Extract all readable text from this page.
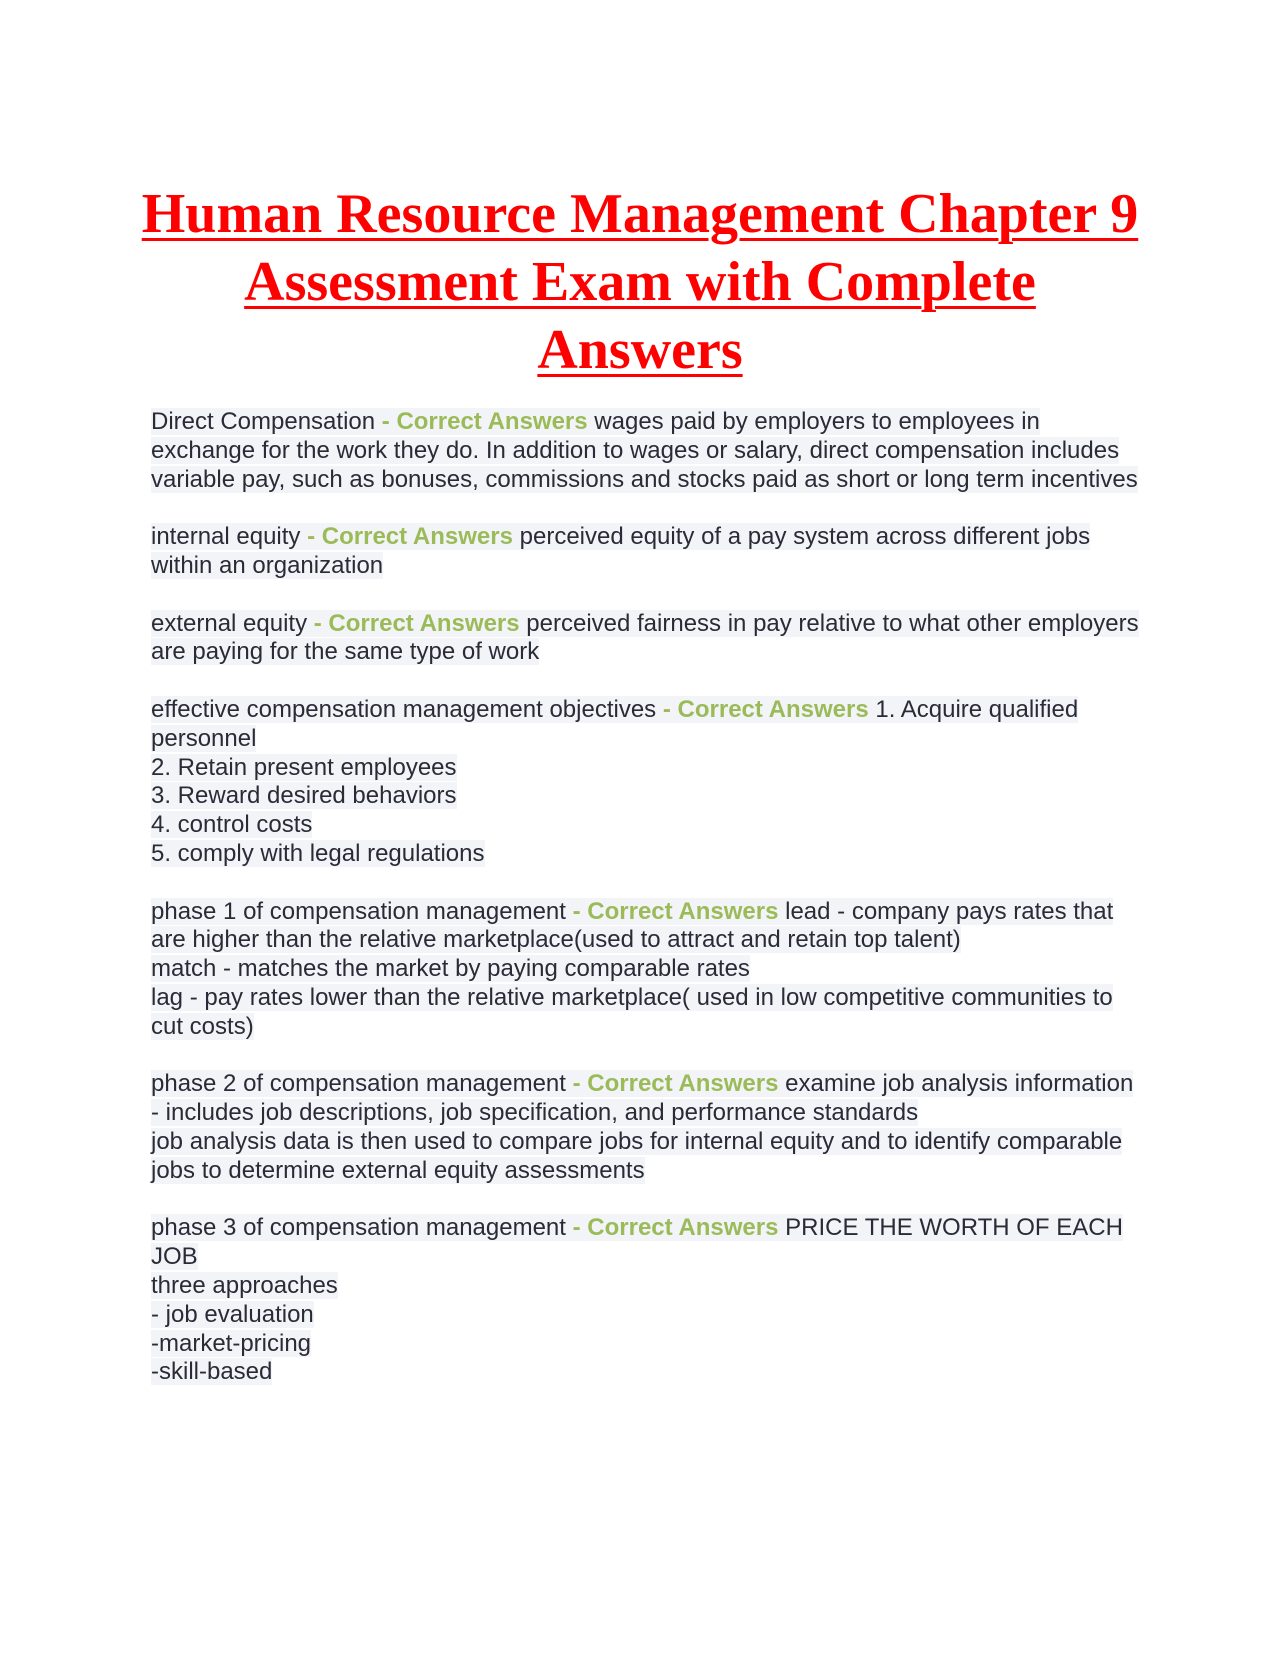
Human Resource Management Chapter 9 Assessment Exam with Complete Answers
Direct Compensation - Correct Answers wages paid by employers to employees in exchange for the work they do. In addition to wages or salary, direct compensation includes variable pay, such as bonuses, commissions and stocks paid as short or long term incentives
internal equity - Correct Answers perceived equity of a pay system across different jobs within an organization
external equity - Correct Answers perceived fairness in pay relative to what other employers are paying for the same type of work
effective compensation management objectives - Correct Answers 1. Acquire qualified personnel
2. Retain present employees
3. Reward desired behaviors
4. control costs
5. comply with legal regulations
phase 1 of compensation management - Correct Answers lead - company pays rates that are higher than the relative marketplace(used to attract and retain top talent)
match - matches the market by paying comparable rates
lag - pay rates lower than the relative marketplace( used in low competitive communities to cut costs)
phase 2 of compensation management - Correct Answers examine job analysis information - includes job descriptions, job specification, and performance standards
job analysis data is then used to compare jobs for internal equity and to identify comparable jobs to determine external equity assessments
phase 3 of compensation management - Correct Answers PRICE THE WORTH OF EACH JOB
three approaches
- job evaluation
-market-pricing
-skill-based
